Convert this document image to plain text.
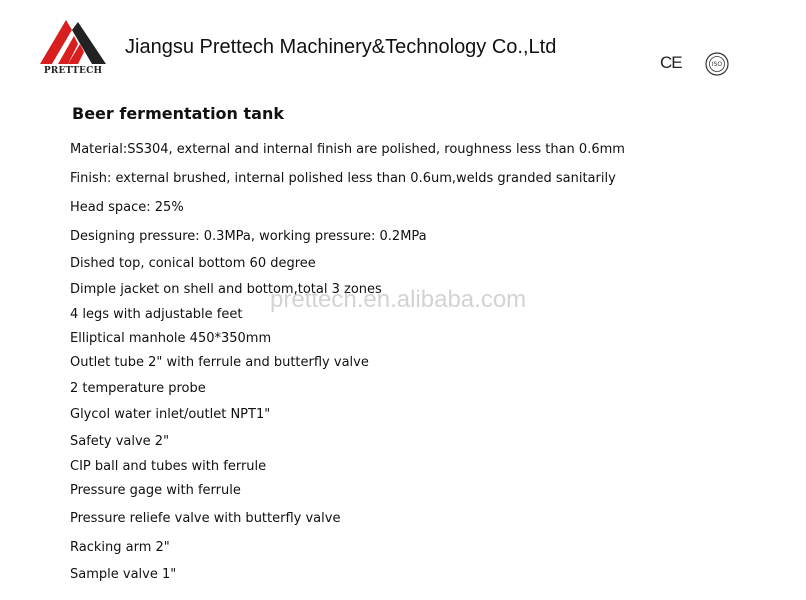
PRETTECH
Jiangsu Prettech Machinery&Technology Co.,Ltd
CE	ISO
Beer fermentation tank
Material:SS304, external and internal finish are polished, roughness less than 0.6mm
Finish: external brushed, internal polished less than 0.6um,welds granded sanitarily
Head space: 25%
Designing pressure: 0.3MPa, working pressure: 0.2MPa
Dished top, conical bottom 60 degree
Dimple jacket on shell and bottom,total 3 zones
4 legs with adjustable feet
Elliptical manhole 450*350mm
Outlet tube 2" with ferrule and butterfly valve
2 temperature probe
Glycol water inlet/outlet NPT1"
Safety valve 2"
CIP ball and tubes with ferrule
Pressure gage with ferrule
Pressure reliefe valve with butterfly valve
Racking arm 2"
Sample valve 1"
prettech.en.alibaba.com
